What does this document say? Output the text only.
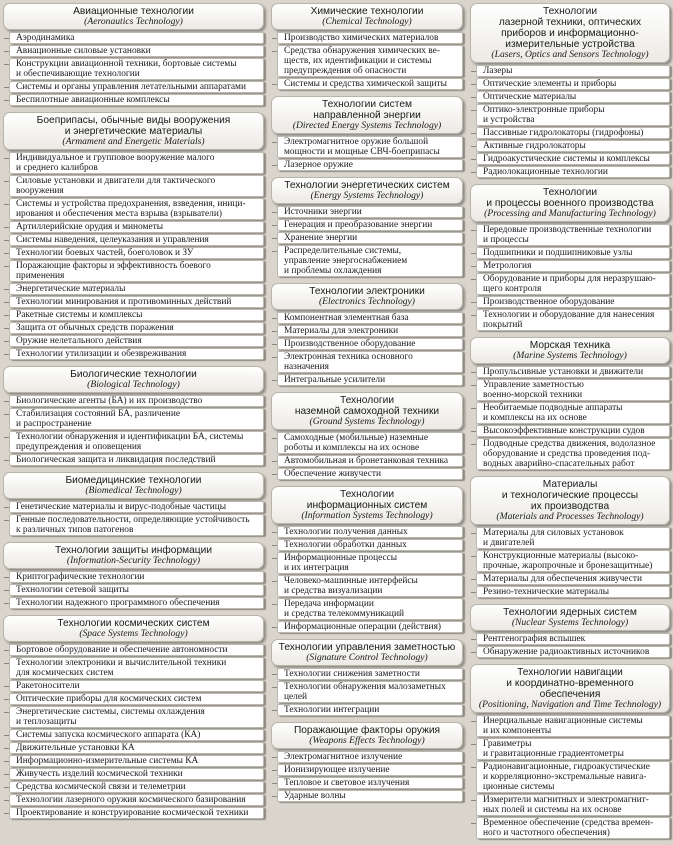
Авиационные технологии
(Aeronautics Technology)
Аэродинамика
Авиационные силовые установки
Конструкции авиационной техники, бортовые системы
и обеспечивающие технологии
Системы и органы управления летательными аппаратами
Беспилотные авиационные комплексы
Боеприпасы, обычные виды вооружения
и энергетические материалы
(Armament and Energetic Materials)
Индивидуальное и групповое вооружение малого
и среднего калибров
Силовые установки и двигатели для тактического
вооружения
Системы и устройства предохранения, взведения, иници-
ирования и обеспечения места взрыва (взрыватели)
Артиллерийские орудия и минометы
Системы наведения, целеуказания и управления
Технологии боевых частей, боеголовок и ЗУ
Поражающие факторы и эффективность боевого
применения
Энергетические материалы
Технологии минирования и противоминных действий
Ракетные системы и комплексы
Защита от обычных средств поражения
Оружие нелетального действия
Технологии утилизации и обезвреживания
Биологические технологии
(Biological Technology)
Биологические агенты (БА) и их производство
Стабилизация состояний БА, различение
и распространение
Технологии обнаружения и идентификации БА, системы
предупреждения и оповещения
Биологическая защита и ликвидация последствий
Биомедицинские технологии
(Biomedical Technology)
Генетические материалы и вирус-подобные частицы
Генные последовательности, определяющие устойчивость
к различных типов патогенов
Технологии защиты информации
(Information-Security Technology)
Криптографические технологии
Технологии сетевой защиты
Технологии надежного программного обеспечения
Технологии космических систем
(Space Systems Technology)
Бортовое оборудование и обеспечение автономности
Технологии электроники и вычислительной техники
для космических систем
Ракетоносители
Оптические приборы для космических систем
Энергетические системы, системы охлаждения
и теплозащиты
Системы запуска космического аппарата (КА)
Движительные установки КА
Информационно-измерительные системы КА
Живучесть изделий космической техники
Средства космической связи и телеметрии
Технологии лазерного оружия космического базирования
Проектирование и конструирование космической техники
Химические технологии
(Chemical Technology)
Производство химических материалов
Средства обнаружения химических ве-
ществ, их идентификации и системы
предупреждения об опасности
Системы и средства химической защиты
Технологии систем
направленной энергии
(Directed Energy Systems Technology)
Электромагнитное оружие большой
мощности и мощные СВЧ-боеприпасы
Лазерное оружие
Технологии энергетических систем
(Energy Systems Technology)
Источники энергии
Генерация и преобразование энергии
Хранение энергии
Распределительные системы,
управление энергоснабжением
и проблемы охлаждения
Технологии электроники
(Electronics Technology)
Компонентная элементная база
Материалы для электроники
Производственное оборудование
Электронная техника основного назначения
Интегральные усилители
Технологии
наземной самоходной техники
(Ground Systems Technology)
Самоходные (мобильные) наземные
роботы и комплексы на их основе
Автомобильная и бронетанковая техника
Обеспечение живучести
Технологии
информационных систем
(Information Systems Technology)
Технологии получения данных
Технологии обработки данных
Информационные процессы
и их интеграция
Человеко-машинные интерфейсы
и средства визуализации
Передача информации
и средства телекоммуникаций
Информационные операции (действия)
Технологии управления заметностью
(Signature Control Technology)
Технологии снижения заметности
Технологии обнаружения малозаметных
целей
Технологии интеграции
Поражающие факторы оружия
(Weapons Effects Technology)
Электромагнитное излучение
Ионизирующее излучение
Тепловое и световое излучения
Ударные волны
Технологии
лазерной техники, оптических
приборов и информационно-
измерительные устройства
(Lasers, Optics and Sensors Technology)
Лазеры
Оптические элементы и приборы
Оптические материалы
Оптико-электронные приборы
и устройства
Пассивные гидролокаторы (гидрофоны)
Активные гидролокаторы
Гидроакустические системы и комплексы
Радиолокационные технологии
Технологии
и процессы военного производства
(Processing and Manufacturing Technology)
Передовые производственные технологии
и процессы
Подшипники и подшипниковые узлы
Метрология
Оборудование и приборы для неразрушаю-
щего контроля
Производственное оборудование
Технологии и оборудование для нанесения
покрытий
Морская техника
(Marine Systems Technology)
Пропульсивные установки и движители
Управление заметностью
военно-морской техники
Необитаемые подводные аппараты
и комплексы на их основе
Высокоэффективные конструкции судов
Подводные средства движения, водолазное
оборудование и средства проведения под-
водных аварийно-спасательных работ
Материалы
и технологические процессы
их производства
(Materials and Processes Technology)
Материалы для силовых установок
и двигателей
Конструкционные материалы (высоко-
прочные, жаропрочные и бронезащитные)
Материалы для обеспечения живучести
Резино-технические материалы
Технологии ядерных систем
(Nuclear Systems Technology)
Рентгенография вспышек
Обнаружение радиоактивных источников
Технологии навигации
и координатно-временного обеспечения
(Positioning, Navigation and Time Technology)
Инерциальные навигационные системы
и их компоненты
Гравиметры
и гравитационные градиентометры
Радионавигационные, гидроакустические
и корреляционно-экстремальные навига-
ционные системы
Измерители магнитных и электромагнит-
ных полей и системы на их основе
Временное обеспечение (средства времен-
ного и частотного обеспечения)
